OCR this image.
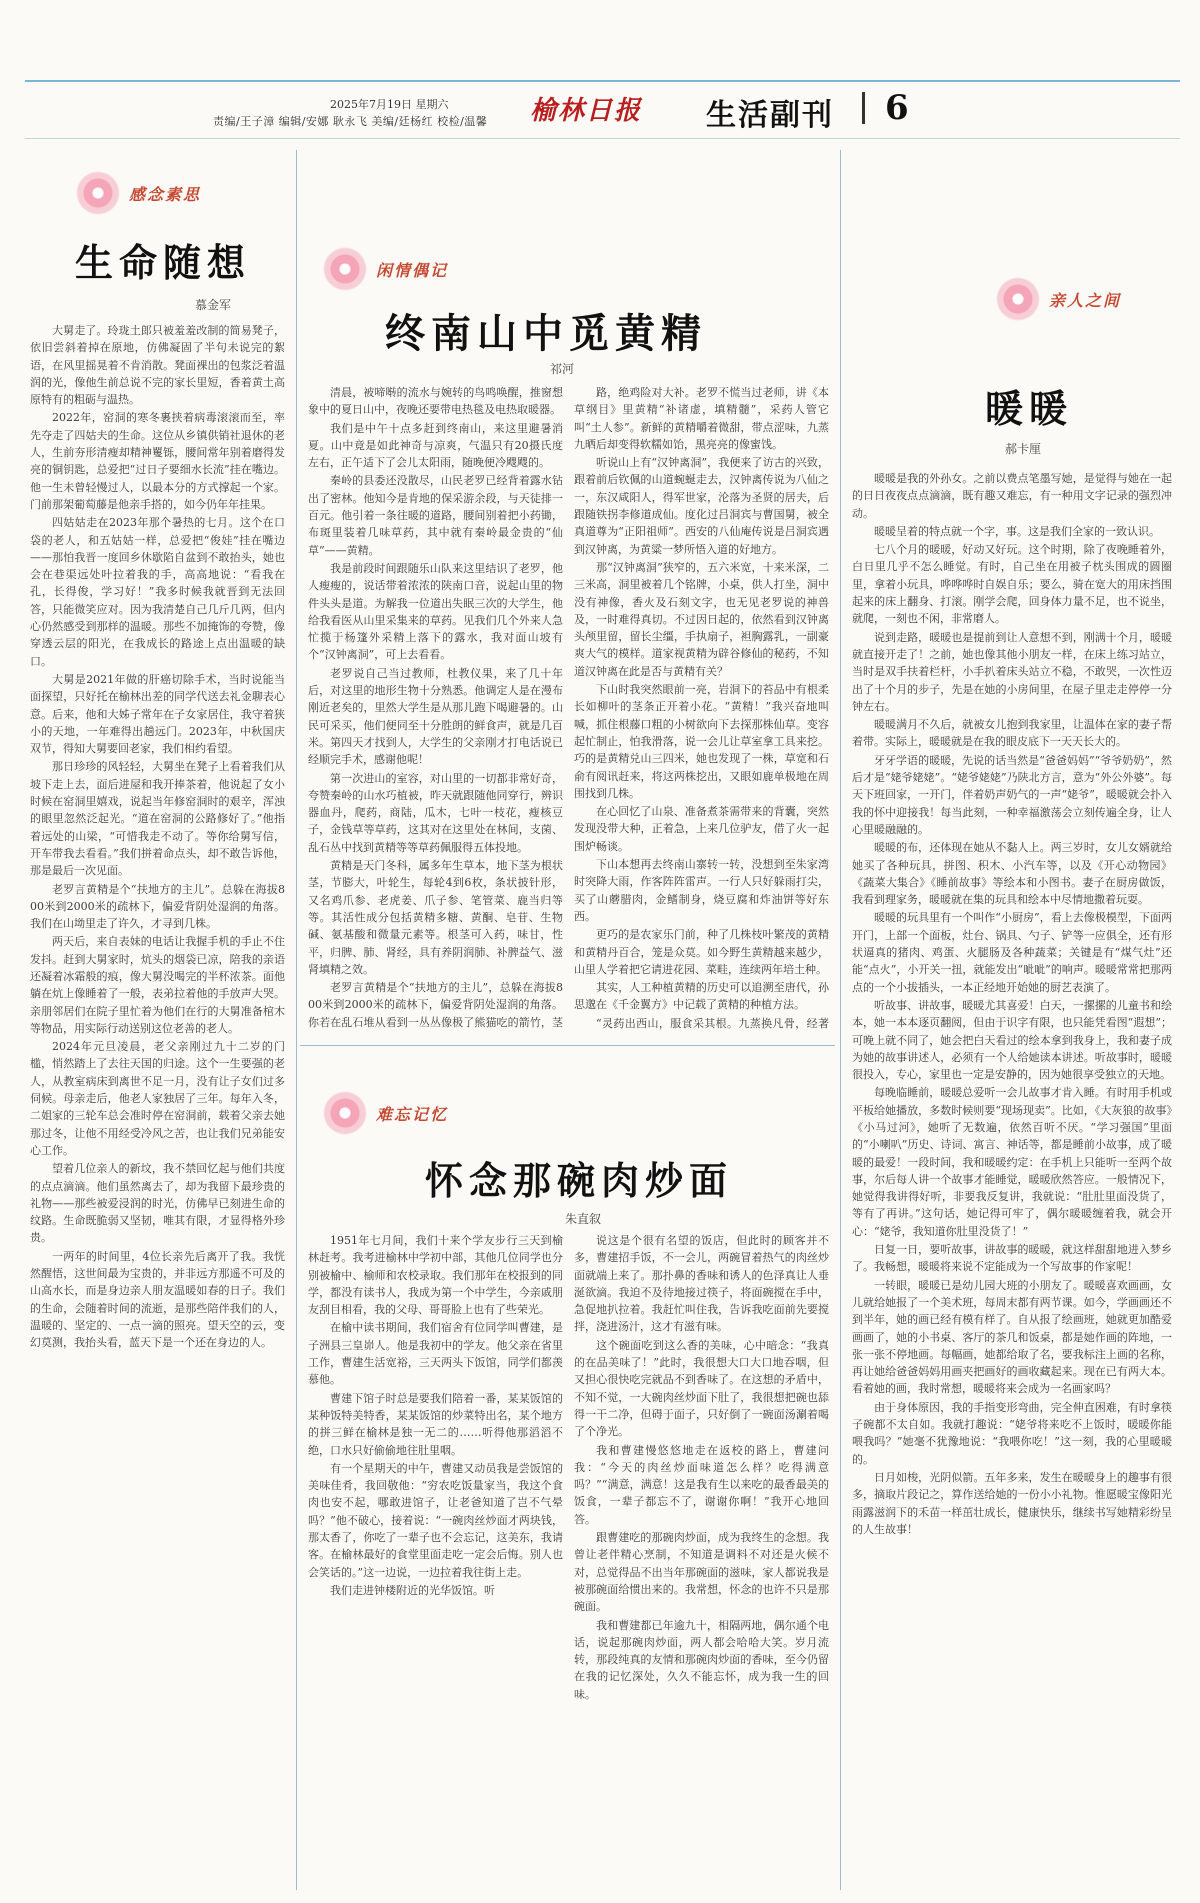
2025年7月19日 星期六
责编/王子漳 编辑/安娜 耿永飞 美编/廷杨红 校检/温馨 榆林日报 生活副刊 6
感念素思
生命随想
慕金军

大舅走了。玲珑土郎只被羞羞改制的简易凳子，依旧尝斜着掉在原地，仿佛凝固了半句未说完的絮语，在风里摇晃着不肯消散。凳面裸出的包浆泛着温润的光，像他生前总说不完的家长里短，香着黄土高原特有的粗砺与温热。

2022年，窑洞的寒冬裹挟着病毒滚滚而至，率先夺走了四姑夫的生命。这位从乡镇供销社退休的老人，生前夯形清瘦却精神矍铄，腰间常年别着磨得发亮的铜钥匙，总爱把“过日子要细水长流”挂在嘴边。他一生未曾轻慢过人，以最本分的方式撑起一个家。门前那架葡萄藤是他亲手搭的，如今仍年年挂果。

四姑姑走在2023年那个暑热的七月。这个在口袋的老人，和五姑姑一样，总爱把“俊娃”挂在嘴边——那怕我晋一度回乡休歇陷自盆到不敢抬头，她也会在巷渠远处叶拉着我的手，高高地说：“看我在孔，长得俊，学习好！”我多时候我就晋到无法回答，只能微笑应对。因为我清楚自己几斤几两，但内心仍然感受到那样的温暖。那些不加掩饰的夸赞，像穿透云层的阳光，在我成长的路途上点出温暖的缺口。

大舅是2021年做的肝癌切除手术，当时说能当面探望，只好托在榆林出差的同学代送去礼金聊表心意。后来，他和大姊子常年在子女家居住，我守着狭小的天地，一年难得出趟远门。2023年，中秋国庆双节，得知大舅要回老家，我们相约看望。

那日珍珍的风轻轻，大舅坐在凳子上看着我们从坡下走上去，面后进屋和我开捧茶着，他说起了女小时候在窑洞里嬉戏，说起当年修窑洞时的艰辛，浑浊的眼里忽然泛起光。“道在窑洞的公路修好了。”他指着远处的山梁，“可惜我走不动了。等你给舅写信，开车带我去看看。”我们拼着命点头，却不敢告诉他，那是最后一次见面。

老罗言黄精是个“扶地方的主儿”。总躲在海拔800米到2000米的疏林下，偏爱背阴处湿润的角落。我们在山坳里走了许久，才寻到几株。

两天后，来自表妹的电话让我握手机的手止不住发抖。赶到大舅家时，炕头的烟袋已凉，陪我的亲语还凝着冰霜般的痕，像大舅没喝完的半杯浓茶。面他躺在炕上像睡着了一般，表弟拉着他的手放声大哭。亲朋邻居们在院子里忙着为他们在行的大舅准备棺木等物品，用实际行动送别这位老善的老人。

2024年元旦凌晨，老父亲刚过九十二岁的门槛，悄然踏上了去往天国的归途。这个一生要强的老人，从教室病床到离世不足一月，没有让子女们过多伺候。母亲走后，他老人家独居了三年。每年入冬，二姐家的三轮车总会准时停在窑洞前，载着父亲去她那过冬，让他不用经受冷风之苦，也让我们兄弟能安心工作。

望着几位亲人的新坟，我不禁回忆起与他们共度的点点滴滴。他们虽然离去了，却为我留下最珍贵的礼物——那些被爱浸润的时光，仿佛早已刻进生命的纹路。生命既脆弱又坚韧，唯其有限，才显得格外珍贵。

一两年的时间里，4位长亲先后离开了我。我恍然醒悟，这世间最为宝贵的，并非远方那遥不可及的山高水长，而是身边亲人朋友温暖如春的日子。我们的生命，会随着时间的流逝，是那些陪伴我们的人，温暖的、坚定的、一点一滴的照亮。望天空的云，变幻莫测，我抬头看，蓝天下是一个还在身边的人。

闲情偶记
终南山中觅黄精
祁河

清晨，被啼啭的流水与婉转的鸟鸣唤醒，推窗想象中的夏日山中，夜晚还要带电热毯及电热取暖器。

我们是中午十点多赶到终南山，来这里避暑消夏。山中竟是如此神奇与凉爽，气温只有20摄氏度左右，正午适下了会儿太阳雨，随晚便冷飕飕的。

秦岭的县委还没散尽，山民老罗已经背着露水钻出了密林。他知今是肯地的保采游余段，与天徒排一百元。他引着一条往暖的道路，腰间别着把小药锄，布斑里装着几味草药，其中就有秦岭最金贵的“仙草”——黄精。

我是前段时间跟随乐山队来这里结识了老罗，他人瘦瘦的，说话带着浓浓的陕南口音，说起山里的物件头头是道。为解我一位道出失眠三次的大学生，他给我看医从山里采集来的草药。见我们几个外来人急忙揽于杨篷外采精上落下的露水，我对面山坡有个“汉钟离洞”，可上去看看。

老罗说自己当过教师，杜教仪果，来了几十年后，对这里的地形生物十分熟悉。他调定人是在漫布刚近老矣的，里然大学生是从那儿跑下喝避暑的。山民可采买，他们便同至十分胜朗的鲜食声，就是几百米。第四天才找到人，大学生的父亲刚才打电话说已经顺完手术，感谢他呢！

第一次进山的室容，对山里的一切都非常好奇，夸赞秦岭的山水巧植被，昨天就跟随他同穿行，辨识器血丹，爬药，商陆，瓜木，七叶一枝花，瘦核豆子，金钱草等草药，这其对在这里处在林间，支菌、乱石丛中找到黄精等等草药佩服得五体投地。

黄精是天门冬科，属多年生草本，地下茎为根状茎，节膨大，叶轮生，每轮4到6枚，条状披针形，又名鸡爪参、老虎姜、爪子参、笔管菜、鹿当归等等。其活性成分包括黄精多糖、黄酮、皂苷、生物碱、氨基酸和微量元素等。根茎可入药，味甘，性平，归脾、肺、肾经，具有养阴润肺、补脾益气、滋肾填精之效。

老罗言黄精是个“扶地方的主儿”，总躲在海拔800米到2000米的疏林下，偏爱背阴处湿润的角落。你若在乱石堆从看到一丛丛像极了熊猫吃的箭竹，茎

路，绝鸡险对大补。老罗不慌当过老师，讲《本草纲目》里黄精“补诸虚，填精髓”，采药人管它叫“土人参”。新鲜的黄精嚼着微甜，带点涩味，九蒸九晒后却变得软糯如饴，黑亮亮的像蜜饯。

听说山上有“汉钟离洞”，我便来了访古的兴致，跟着前后钦佩的山道蜿蜒走去，汉钟离传说为八仙之一，东汉咸阳人，得军世家，沦落为圣贤的居夫，后跟随铁拐李修道成仙。度化过吕洞宾与曹国舅，被全真道尊为“正阳祖师”。西安的八仙庵传说是吕洞宾遇到汉钟离，为黄粱一梦所悟入道的好地方。

那“汉钟离洞”狭窄的，五六米宽，十来米深，二三米高，洞里被着几个铭牌，小桌，供人打坐，洞中没有神像，香火及石刻文字，也无见老罗说的神兽及，一时难得真切。不过因日起的，依然看到汉钟离头颅里留，留长尘缰，手执扇子，袒胸露乳，一副豪爽大气的模样。道家视黄精为辟谷修仙的秘药，不知道汉钟离在此是否与黄精有关？

下山时我突然眼前一亮，岩洞下的苔品中有根柔长如柳叶的茎条正开着小花。“黄精！”我兴奋地叫喊，抓住根藤口粗的小树欲向下去探那株仙草。变容起忙制止，怕我滑落，说一会儿让草室拿工具来挖。巧的是黄精兑山三四米，她也发现了一株，草宽和石俞有阅讯赶来，将这两株挖出，又眼如鹿单极地在周围找到几株。

在心回忆了山泉、准备煮茶需带来的背囊，突然发现没带大种，正着急，上来几位驴友，借了火一起围炉畅谈。

下山本想再去终南山寨转一转，没想到至朱家湾时突降大雨，作客阵阵雷声。一行人只好躲雨打尖，买了山蘑腊肉，金鳍制身，烧豆腐和炸油饼等好东西。

更巧的是农家乐门前，种了几株枝叶繁茂的黄精和黄精丹百合，笼是众莫。如今野生黄精越来越少，山里人学着把它请进花园、菜畦，连续两年培土种。

其实，人工种植黄精的历史可以追溯至唐代，孙思邈在《千金翼方》中记载了黄精的种植方法。

“灵药出西山，服食采其根。九蒸换凡骨，经著

难忘记忆
怀念那碗肉炒面
朱直叙

1951年七月间，我们十来个学友步行三天到榆林赶考。我考进榆林中学初中部，其他几位同学也分别被榆中、榆师和农校录取。我们那年在校报到的同学，都没有读书人，我成为第一个中学生，今亲戚朋友刮目相看，我的父母、哥哥脸上也有了些荣光。

在榆中读书期间，我们宿舍有位同学叫曹建，是子洲县三皇峁人。他是我初中的学友。他父亲在省里工作，曹建生活宽裕，三天两头下饭馆，同学们都羡慕他。

曹建下馆子时总是要我们陪着一番，某某饭馆的某种饭特美特香，某某饭馆的炒菜特出名，某个地方的拼三鲜在榆林是独一无二的……听得他那滔滔不绝，口水只好偷偷地往肚里咽。

有一个星期天的中午，曹建又动员我是尝饭馆的美味佳肴，我回敬他：“穷农吃饭量家当，我这个食肉也安不起，哪敢进馆子，让老爸知道了岂不气晕吗？”他不破心，接着说：“一碗肉丝炒面才两块钱，那太香了，你吃了一辈子也不会忘记，这美东，我请客。在榆林最好的食堂里面走吃一定会后悔。别人也会笑话的。”这一边说，一边拉着我往街上走。

我们走进钟楼附近的光华饭馆。听

说这是个很有名望的饭店，但此时的顾客并不多，曹建招手饭，不一会儿，两碗冒着热气的肉丝炒面就端上来了。那扑鼻的香味和诱人的色泽真让人垂涎欲滴。我迫不及待地接过筷子，将面碗搅在手中，急促地扒拉着。我赶忙叫住我，告诉我吃面前先要搅拌，浇进汤汁，这才有滋有味。

这个碗面吃到这么香的美味，心中暗念：“我真的在品美味了！”此时，我很想大口大口地吞咽，但又担心很快吃完就品不到香味了。在这想的矛盾中，不知不觉，一大碗肉丝炒面下肚了，我很想把碗也舔得一干二净，但碍于面子，只好倒了一碗面汤涮着喝了个净光。

我和曹建慢悠悠地走在返校的路上，曹建问我：“今天的肉丝炒面味道怎么样？吃得满意吗？”“满意，满意！这是我有生以来吃的最香最美的饭食，一辈子都忘不了，谢谢你啊！”我开心地回答。

跟曹建吃的那碗肉炒面，成为我终生的念想。我曾让老伴精心烹制，不知道是调料不对还是火候不对，总觉得品不出当年那碗面的滋味，家人都说我是被那碗面给惯出来的。我常想，怀念的也许不只是那碗面。

我和曹建都已年逾九十，相隔两地，偶尔通个电话，说起那碗肉炒面，两人都会哈哈大笑。岁月流转，那段纯真的友情和那碗肉炒面的香味，至今仍留在我的记忆深处，久久不能忘怀，成为我一生的回味。

亲人之间
暖暖
郝卡厘

暖暖是我的外孙女。之前以费点笔墨写她，是觉得与她在一起的日日夜夜点点滴滴，既有趣又难忘，有一种用文字记录的强烈冲动。

暖暖呈着的特点就一个字，事。这是我们全家的一致认识。

七八个月的暖暖，好动又好玩。这个时期，除了夜晚睡着外，白日里几乎不怎么睡觉。有时，自己坐在用被子枕头围成的圆圈里，拿着小玩具，哗哗哗时自娱自乐；要么，骑在宽大的用床挡围起来的床上翻身、打滚。刚学会爬，回身体力量不足，也不说坐，就爬，一刻也不闲，非常磨人。

说到走路，暖暖也是提前到让人意想不到，刚满十个月，暖暖就直接开走了！之前，她也像其他小朋友一样，在床上练习站立，当时是双手扶着栏杆，小手扒着床头站立不稳，不敢哭，一次性迈出了十个月的步子，先是在她的小房间里，在屋子里走走停停一分钟左右。

暖暖满月不久后，就被女儿抱到我家里，让温体在家的妻子帮着带。实际上，暖暖就是在我的眼皮底下一天天长大的。

牙牙学语的暖暖，先说的话当然是“爸爸妈妈”“爷爷奶奶”，然后才是“姥爷姥姥”。“姥爷姥姥”乃陕北方言，意为“外公外婆”。每天下班回家，一开门，伴着奶声奶气的一声“姥爷”，暖暖就会扑入我的怀中迎接我！每当此刻，一种幸福激荡会立刻传遍全身，让人心里暖融融的。

暖暖的布，还体现在她从不黏人上。两三岁时，女儿女婿就给她买了各种玩具，拼图、积木、小汽车等，以及《开心动物园》《蔬菜大集合》《睡前故事》等绘本和小图书。妻子在厨房做饭，我看到理家务，暖暖就在集的玩具和绘本中尽情地撒着玩耍。

暖暖的玩具里有一个叫作“小厨房”，看上去像极模型，下面两开门，上部一个面板，灶台、锅具、勺子、铲等一应俱全，还有形状逼真的猪肉、鸡蛋、火腿肠及各种蔬菜；关键是有“煤气灶”还能“点火”，小开关一扭，就能发出“呲呲”的响声。暖暖常常把那两点的一个小拔插头，一本正经地开始她的厨艺表演了。

听故事、讲故事，暖暖尤其喜爱！白天，一摞摞的儿童书和绘本，她一本本逐页翻阅，但由于识字有限，也只能凭看图“遐想”；可晚上就不同了，她会把白天看过的绘本拿到我身上，我和妻子成为她的故事讲述人，必须有一个人给她读本讲述。听故事时，暖暖很投入，专心，家里也一定是安静的，因为她很享受独立的天地。

每晚临睡前，暖暖总爱听一会儿故事才肯入睡。有时用手机或平板给她播放，多数时候则要“现场现卖”。比如，《大灰狼的故事》《小马过河》，她听了无数遍，依然百听不厌。“学习强国”里面的“小喇叭”历史、诗词、寓言、神话等，都是睡前小故事，成了暖暖的最爱！一段时间，我和暖暖约定：在手机上只能听一至两个故事，尔后每人讲一个故事才能睡觉，暖暖欣然答应。一般情况下，她觉得我讲得好听，非要我反复讲，我就说：“肚肚里面没货了，等有了再讲。”这句话，她记得可牢了，偶尔暖暖缠着我，就会开心：“姥爷，我知道你肚里没货了！”

日复一日，要听故事，讲故事的暖暖，就这样甜甜地进入梦乡了。我畅想，暖暖将来说不定能成为一个写故事的作家呢！

一转眼，暖暖已是幼儿园大班的小朋友了。暖暖喜欢画画，女儿就给她报了一个美术班，每周末都有两节课。如今，学画画还不到半年，她的画已经有模有样了。自从报了绘画班，她就更加酷爱画画了，她的小书桌、客厅的茶几和饭桌，都是她作画的阵地，一张一张不停地画。每幅画，她都给取了名，要我标注上画的名称，再让她给爸爸妈妈用画夹把画好的画收藏起来。现在已有两大本。看着她的画，我时常想，暖暖将来会成为一名画家吗？

由于身体原因，我的手指变形弯曲，完全伸直困难，有时拿筷子碗都不太自如。我就打趣说：“姥爷将来吃不上饭时，暖暖你能喂我吗？”她毫不犹豫地说：“我喂你吃！”这一刻，我的心里暖暖的。

日月如梭，光阴似箭。五年多来，发生在暖暖身上的趣事有很多，摘取片段记之，算作送给她的一份小小礼物。惟愿暖宝像阳光雨露滋润下的禾苗一样茁壮成长，健康快乐，继续书写她精彩纷呈的人生故事！
